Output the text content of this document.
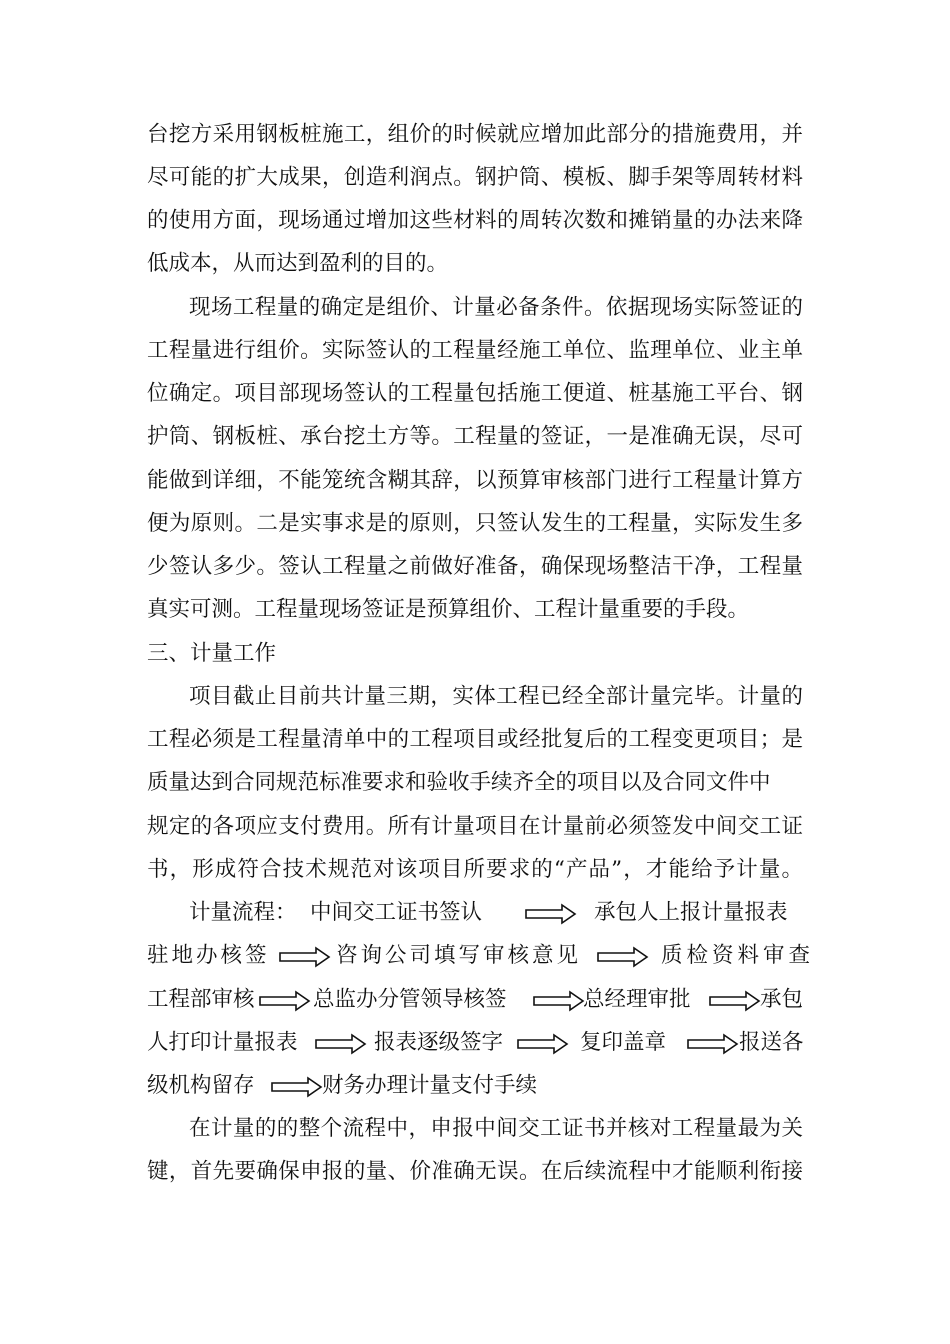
台挖方采用钢板桩施工，组价的时候就应增加此部分的措施费用，并
尽可能的扩大成果，创造利润点。钢护筒、模板、脚手架等周转材料
的使用方面，现场通过增加这些材料的周转次数和摊销量的办法来降
低成本，从而达到盈利的目的。
现场工程量的确定是组价、计量必备条件。依据现场实际签证的
工程量进行组价。实际签认的工程量经施工单位、监理单位、业主单
位确定。项目部现场签认的工程量包括施工便道、桩基施工平台、钢
护筒、钢板桩、承台挖土方等。工程量的签证，一是准确无误，尽可
能做到详细，不能笼统含糊其辞，以预算审核部门进行工程量计算方
便为原则。二是实事求是的原则，只签认发生的工程量，实际发生多
少签认多少。签认工程量之前做好准备，确保现场整洁干净，工程量
真实可测。工程量现场签证是预算组价、工程计量重要的手段。
三、计量工作
项目截止目前共计量三期，实体工程已经全部计量完毕。计量的
工程必须是工程量清单中的工程项目或经批复后的工程变更项目；是
质量达到合同规范标准要求和验收手续齐全的项目以及合同文件中
规定的各项应支付费用。所有计量项目在计量前必须签发中间交工证
书，形成符合技术规范对该项目所要求的“产品”，才能给予计量。
计量流程： 中间交工证书签认	承包人上报计量报表
驻地办核签	咨询公司填写审核意见	质检资料审查
工程部审核	总监办分管领导核签	总经理审批	承包
人打印计量报表	报表逐级签字	复印盖章	报送各
级机构留存	财务办理计量支付手续
在计量的的整个流程中，申报中间交工证书并核对工程量最为关
键，首先要确保申报的量、价准确无误。在后续流程中才能顺利衔接
